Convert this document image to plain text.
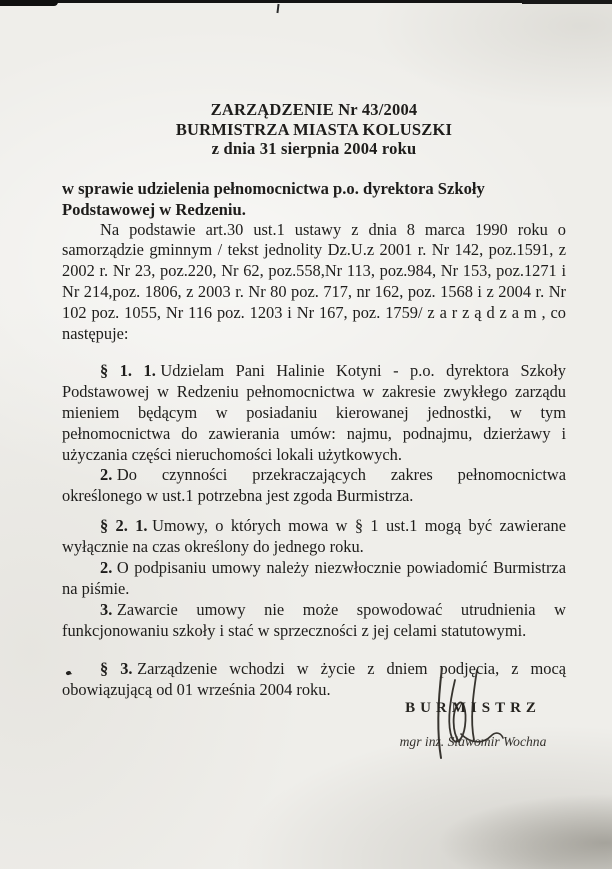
ZARZĄDZENIE Nr 43/2004
BURMISTRZA MIASTA KOLUSZKI
z dnia 31 sierpnia 2004 roku
w sprawie udzielenia pełnomocnictwa p.o. dyrektora Szkoły Podstawowej w Redzeniu.

Na podstawie art.30 ust.1 ustawy z dnia 8 marca 1990 roku o samorządzie gminnym / tekst jednolity Dz.U.z 2001 r. Nr 142, poz.1591, z 2002 r. Nr 23, poz.220, Nr 62, poz.558,Nr 113, poz.984, Nr 153, poz.1271 i Nr 214,poz. 1806, z 2003 r. Nr 80 poz. 717, nr 162, poz. 1568 i z 2004 r. Nr 102 poz. 1055, Nr 116 poz. 1203 i Nr 167, poz. 1759/ z a r z ą d z a m , co następuje:

§ 1. 1. Udzielam Pani Halinie Kotyni - p.o. dyrektora Szkoły Podstawowej w Redzeniu pełnomocnictwa w zakresie zwykłego zarządu mieniem będącym w posiadaniu kierowanej jednostki, w tym pełnomocnictwa do zawierania umów: najmu, podnajmu, dzierżawy i użyczania części nieruchomości lokali użytkowych.

2. Do czynności przekraczających zakres pełnomocnictwa określonego w ust.1 potrzebna jest zgoda Burmistrza.

§ 2. 1. Umowy, o których mowa w § 1 ust.1 mogą być zawierane wyłącznie na czas określony do jednego roku.

2. O podpisaniu umowy należy niezwłocznie powiadomić Burmistrza na piśmie.

3. Zawarcie umowy nie może spowodować utrudnienia w funkcjonowaniu szkoły i stać w sprzeczności z jej celami statutowymi.

§ 3. Zarządzenie wchodzi w życie z dniem podjęcia, z mocą obowiązującą od 01 września 2004 roku.

BURMISTRZ
mgr inż. Sławomir Wochna
